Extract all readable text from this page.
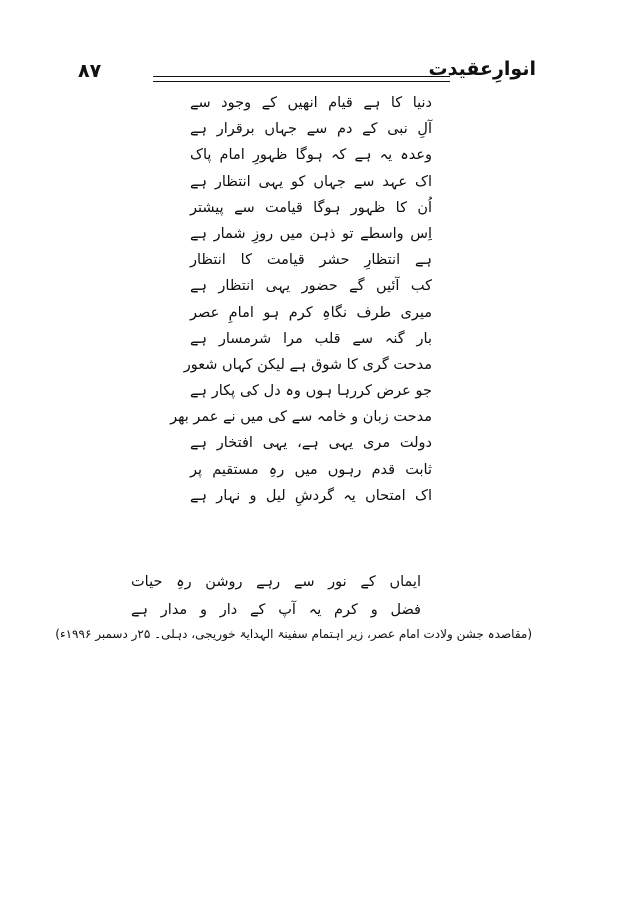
انوارِعقیدت
۸۷
دنیا کا ہے قیام انھیں کے وجود سے
آلِ نبی کے دم سے جہاں برقرار ہے
وعدہ یہ ہے کہ ہوگا ظہورِ امام پاک
اک عہد سے جہاں کو یہی انتظار ہے
اُن کا ظہور ہوگا قیامت سے پیشتر
اِس واسطے تو ذہن میں روزِ شمار ہے
ہے انتظارِ حشر قیامت کا انتظار
کب آئیں گے حضور یہی انتظار ہے
میری طرف نگاہِ کرم ہو امامِ عصر
بار گنہ سے قلب مرا شرمسار ہے
مدحت گری کا شوق ہے لیکن کہاں شعور
جو عرض کررہا ہوں وہ دل کی پکار ہے
مدحت زبان و خامہ سے کی میں نے عمر بھر
دولت مری یہی ہے، یہی افتخار ہے
ثابت قدم رہوں میں رہِ مستقیم پر
اک امتحاں یہ گردشِ لیل و نہار ہے
ایماں کے نور سے رہے روشن رہِ حیات
فضل و کرم یہ آپ کے دار و مدار ہے
(مقاصدہ جشن ولادت امام عصر، زیر اہتمام سفینۃ الہدایۃ خوریجی، دہلی۔ ۲۵ر دسمبر ۱۹۹۶ء)
